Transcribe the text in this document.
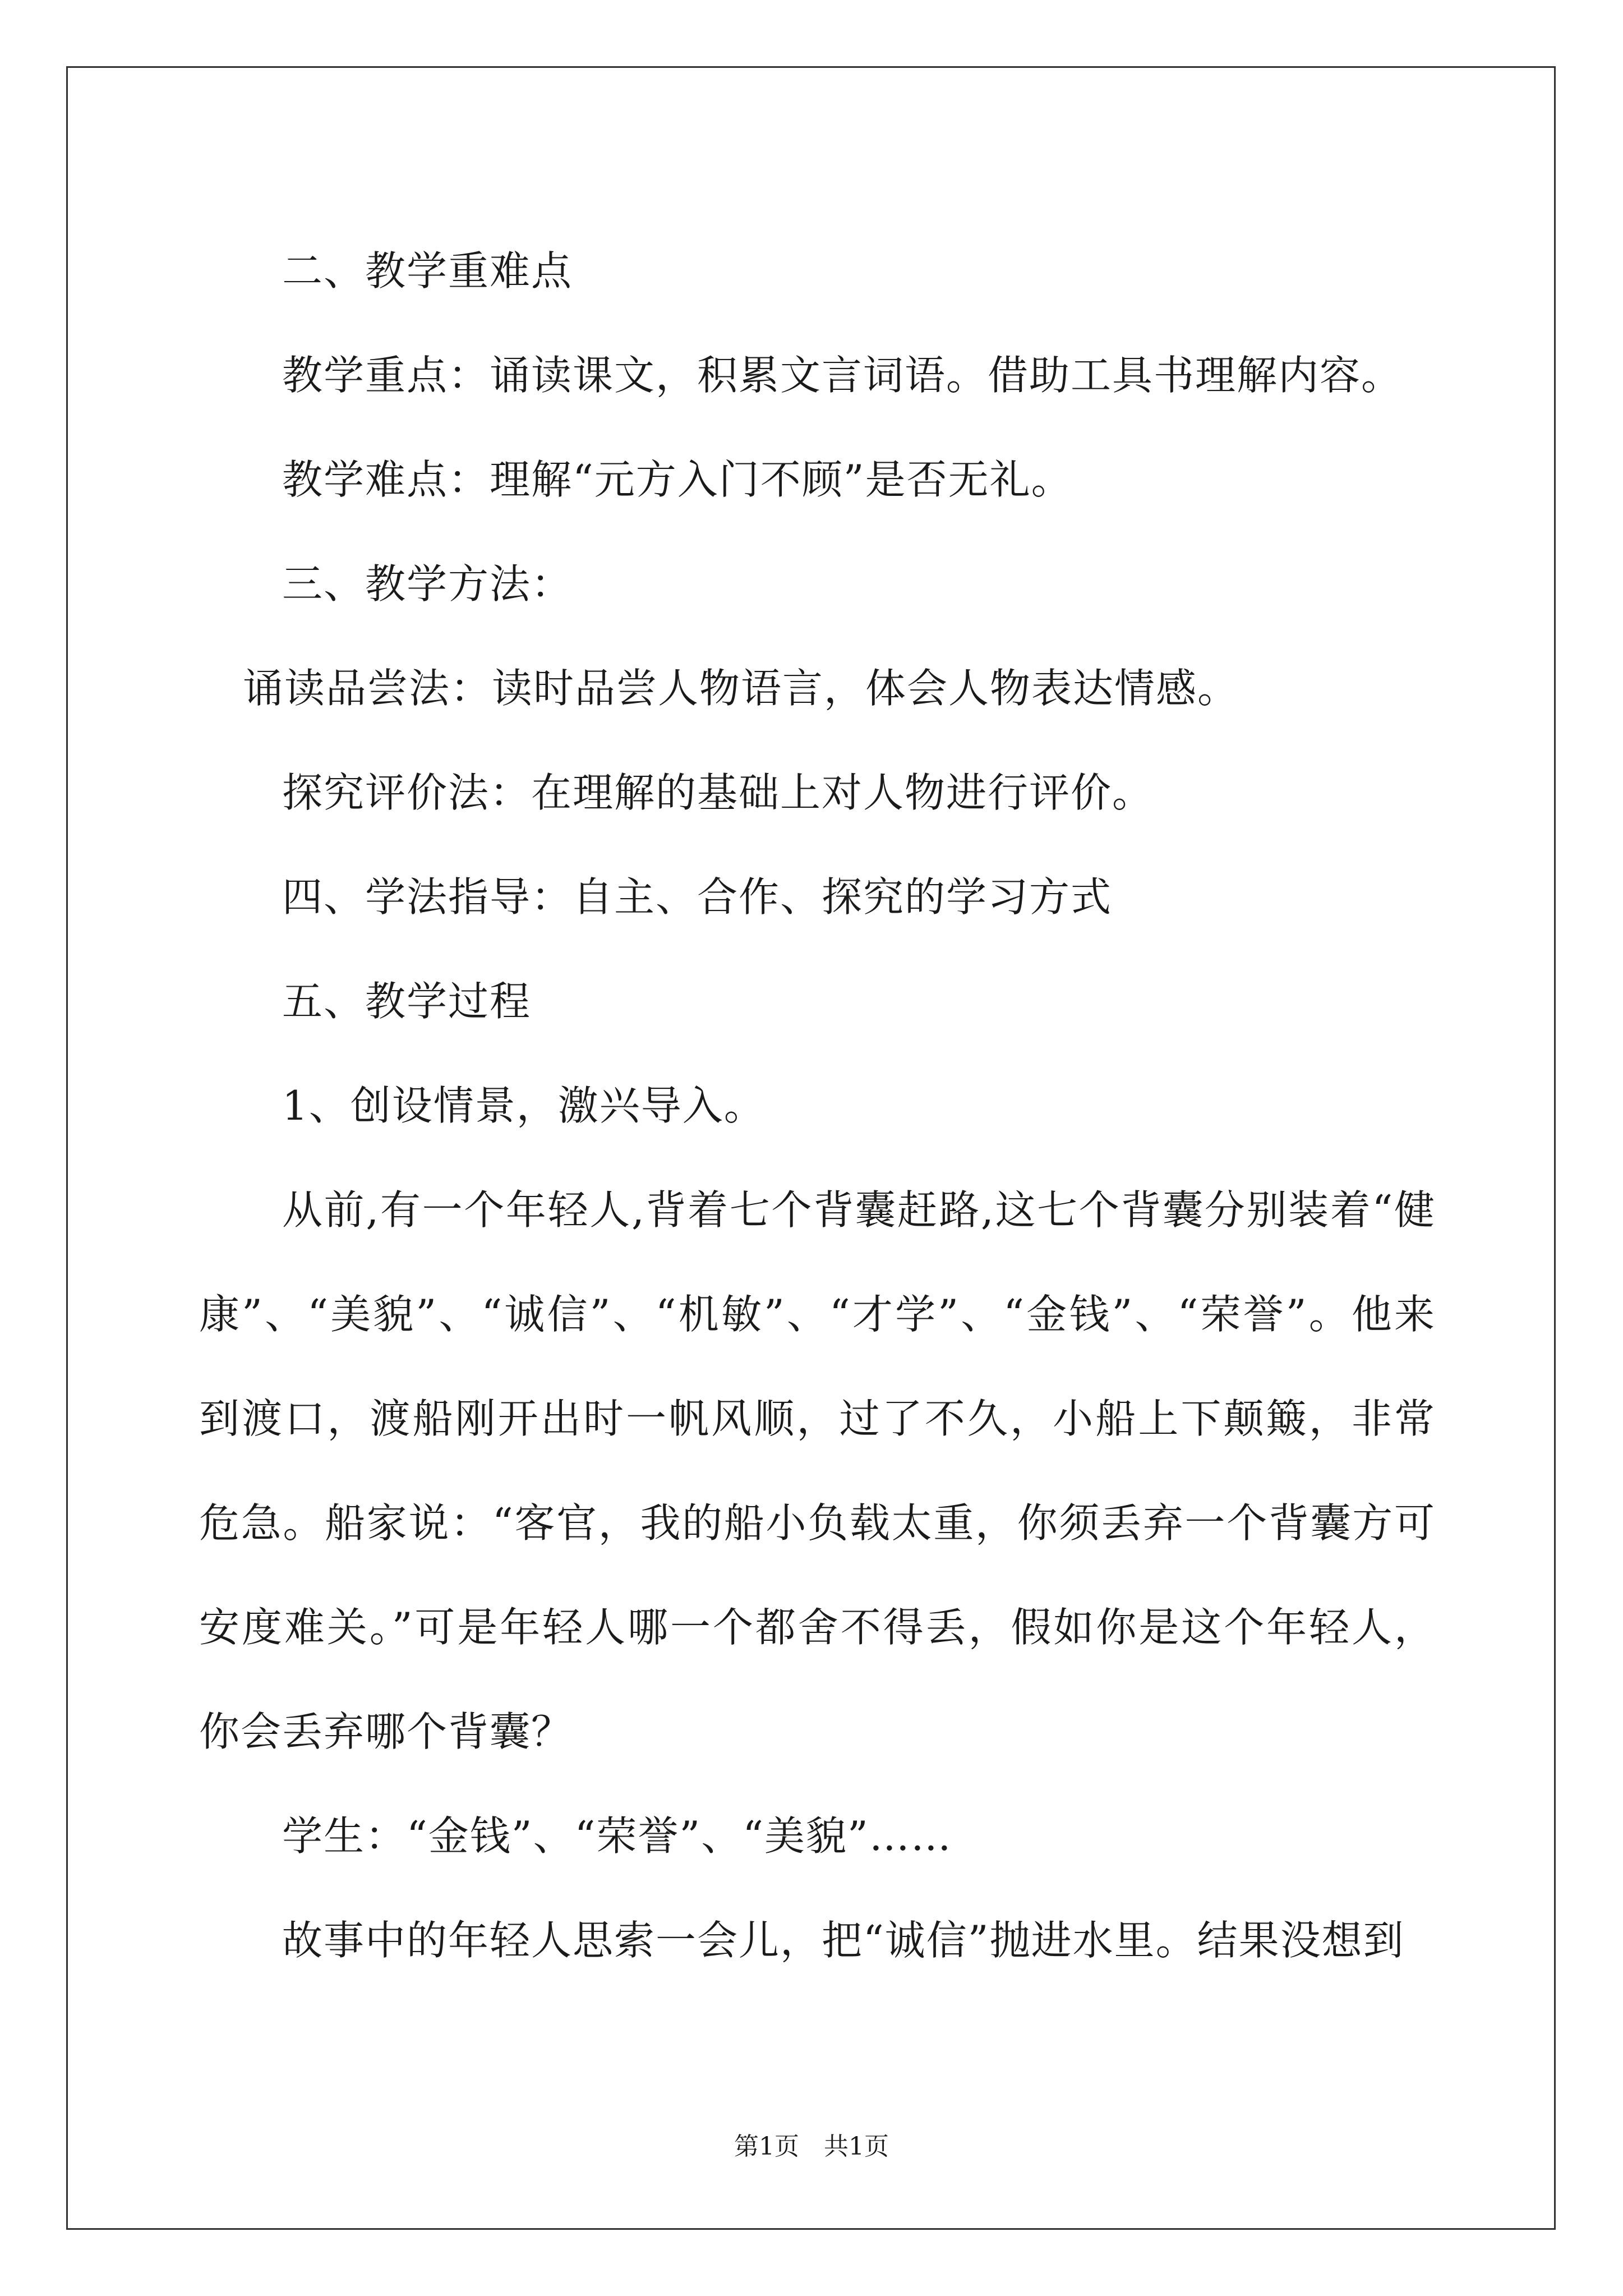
二、教学重难点

教学重点：诵读课文，积累文言词语。借助工具书理解内容。

教学难点：理解“元方入门不顾”是否无礼。

三、教学方法：

诵读品尝法：读时品尝人物语言，体会人物表达情感。

探究评价法：在理解的基础上对人物进行评价。

四、学法指导：自主、合作、探究的学习方式

五、教学过程

1、创设情景，激兴导入。

从前,有一个年轻人,背着七个背囊赶路,这七个背囊分别装着“健康”、“美貌”、“诚信”、“机敏”、“才学”、“金钱”、“荣誉”。他来到渡口，渡船刚开出时一帆风顺，过了不久，小船上下颠簸，非常危急。船家说：“客官，我的船小负载太重，你须丢弃一个背囊方可安度难关。”可是年轻人哪一个都舍不得丢，假如你是这个年轻人，你会丢弃哪个背囊？

学生：“金钱”、“荣誉”、“美貌”……

故事中的年轻人思索一会儿，把“诚信”抛进水里。结果没想到

第1页　共1页
